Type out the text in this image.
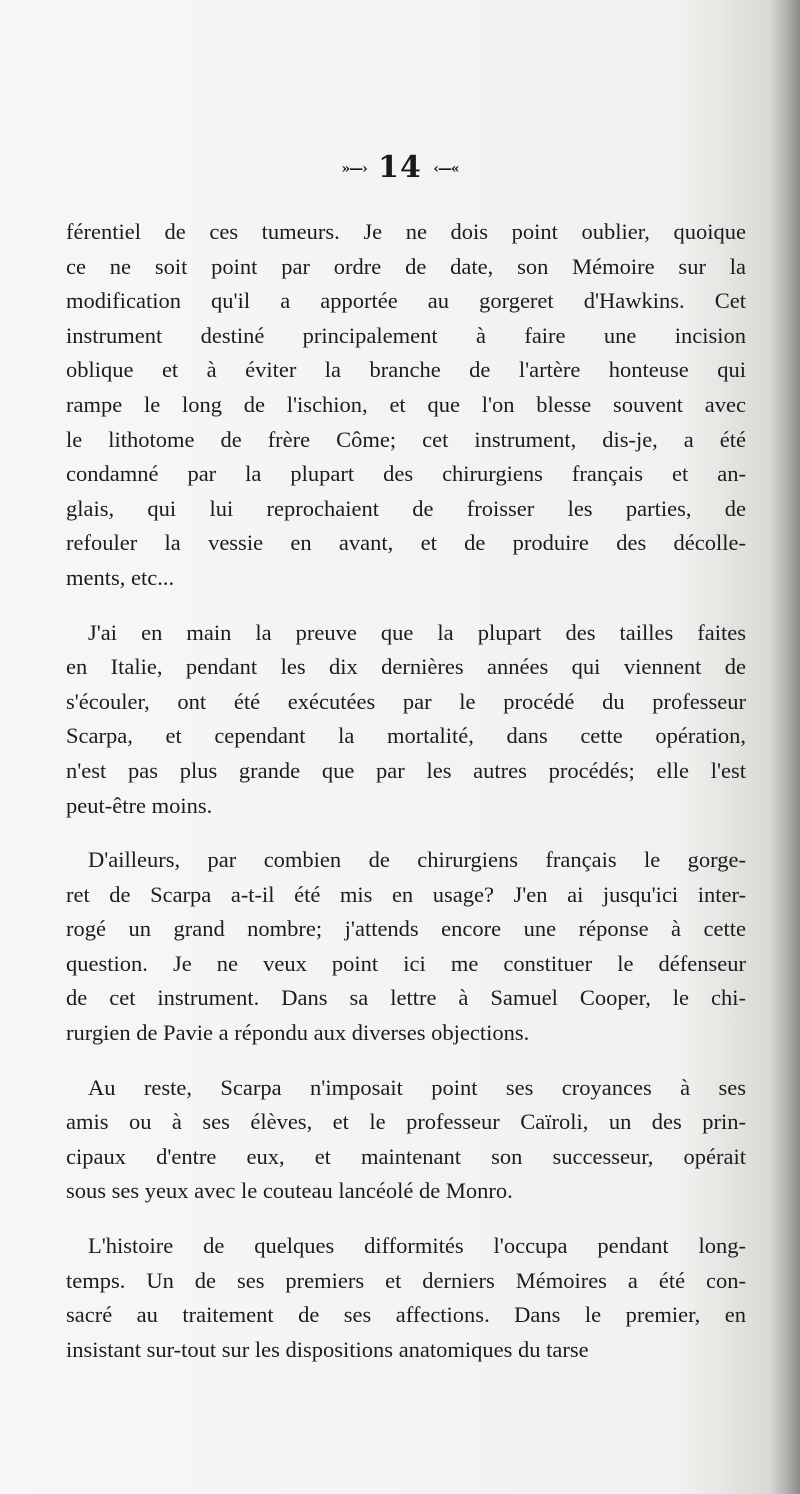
»—› 14 ‹—«
férentiel de ces tumeurs. Je ne dois point oublier, quoique
ce ne soit point par ordre de date, son Mémoire sur la
modification qu'il a apportée au gorgeret d'Hawkins. Cet
instrument destiné principalement à faire une incision
oblique et à éviter la branche de l'artère honteuse qui
rampe le long de l'ischion, et que l'on blesse souvent avec
le lithotome de frère Côme; cet instrument, dis-je, a été
condamné par la plupart des chirurgiens français et an-
glais, qui lui reprochaient de froisser les parties, de
refouler la vessie en avant, et de produire des décolle-
ments, etc...
J'ai en main la preuve que la plupart des tailles faites
en Italie, pendant les dix dernières années qui viennent de
s'écouler, ont été exécutées par le procédé du professeur
Scarpa, et cependant la mortalité, dans cette opération,
n'est pas plus grande que par les autres procédés; elle l'est
peut-être moins.
D'ailleurs, par combien de chirurgiens français le gorge-
ret de Scarpa a-t-il été mis en usage? J'en ai jusqu'ici inter-
rogé un grand nombre; j'attends encore une réponse à cette
question. Je ne veux point ici me constituer le défenseur
de cet instrument. Dans sa lettre à Samuel Cooper, le chi-
rurgien de Pavie a répondu aux diverses objections.
Au reste, Scarpa n'imposait point ses croyances à ses
amis ou à ses élèves, et le professeur Caïroli, un des prin-
cipaux d'entre eux, et maintenant son successeur, opérait
sous ses yeux avec le couteau lancéolé de Monro.
L'histoire de quelques difformités l'occupa pendant long-
temps. Un de ses premiers et derniers Mémoires a été con-
sacré au traitement de ses affections. Dans le premier, en
insistant sur-tout sur les dispositions anatomiques du tarse
